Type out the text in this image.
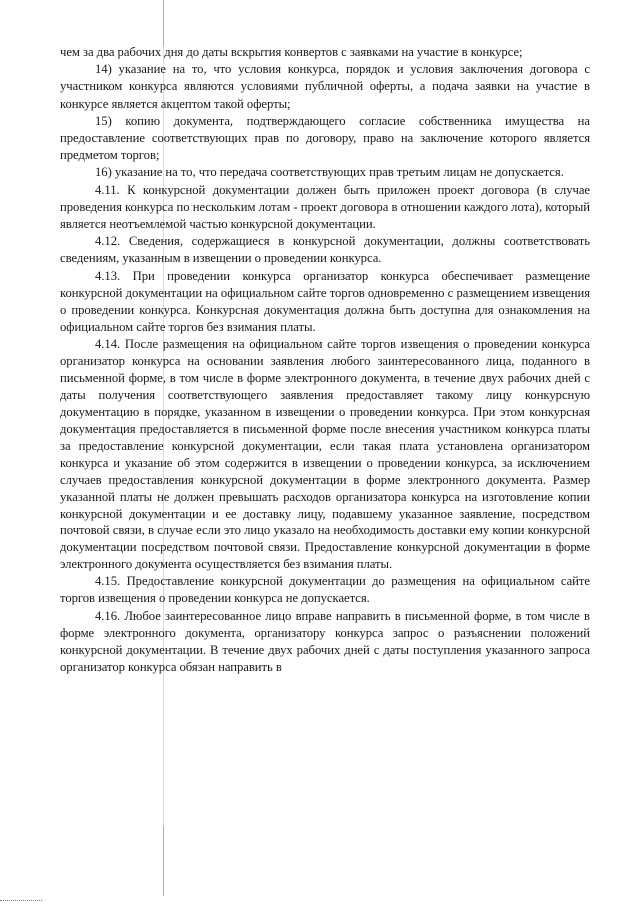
чем за два рабочих дня до даты вскрытия конвертов с заявками на участие в конкурсе;

14) указание на то, что условия конкурса, порядок и условия заключения договора с участником конкурса являются условиями публичной оферты, а подача заявки на участие в конкурсе является акцептом такой оферты;

15) копию документа, подтверждающего согласие собственника имущества на предоставление соответствующих прав по договору, право на заключение которого является предметом торгов;

16) указание на то, что передача соответствующих прав третьим лицам не допускается.

4.11. К конкурсной документации должен быть приложен проект договора (в случае проведения конкурса по нескольким лотам - проект договора в отношении каждого лота), который является неотъемлемой частью конкурсной документации.

4.12. Сведения, содержащиеся в конкурсной документации, должны соответствовать сведениям, указанным в извещении о проведении конкурса.

4.13. При проведении конкурса организатор конкурса обеспечивает размещение конкурсной документации на официальном сайте торгов одновременно с размещением извещения о проведении конкурса. Конкурсная документация должна быть доступна для ознакомления на официальном сайте торгов без взимания платы.

4.14. После размещения на официальном сайте торгов извещения о проведении конкурса организатор конкурса на основании заявления любого заинтересованного лица, поданного в письменной форме, в том числе в форме электронного документа, в течение двух рабочих дней с даты получения соответствующего заявления предоставляет такому лицу конкурсную документацию в порядке, указанном в извещении о проведении конкурса. При этом конкурсная документация предоставляется в письменной форме после внесения участником конкурса платы за предоставление конкурсной документации, если такая плата установлена организатором конкурса и указание об этом содержится в извещении о проведении конкурса, за исключением случаев предоставления конкурсной документации в форме электронного документа. Размер указанной платы не должен превышать расходов организатора конкурса на изготовление копии конкурсной документации и ее доставку лицу, подавшему указанное заявление, посредством почтовой связи, в случае если это лицо указало на необходимость доставки ему копии конкурсной документации посредством почтовой связи. Предоставление конкурсной документации в форме электронного документа осуществляется без взимания платы.

4.15. Предоставление конкурсной документации до размещения на официальном сайте торгов извещения о проведении конкурса не допускается.

4.16. Любое заинтересованное лицо вправе направить в письменной форме, в том числе в форме электронного документа, организатору конкурса запрос о разъяснении положений конкурсной документации. В течение двух рабочих дней с даты поступления указанного запроса организатор конкурса обязан направить в
